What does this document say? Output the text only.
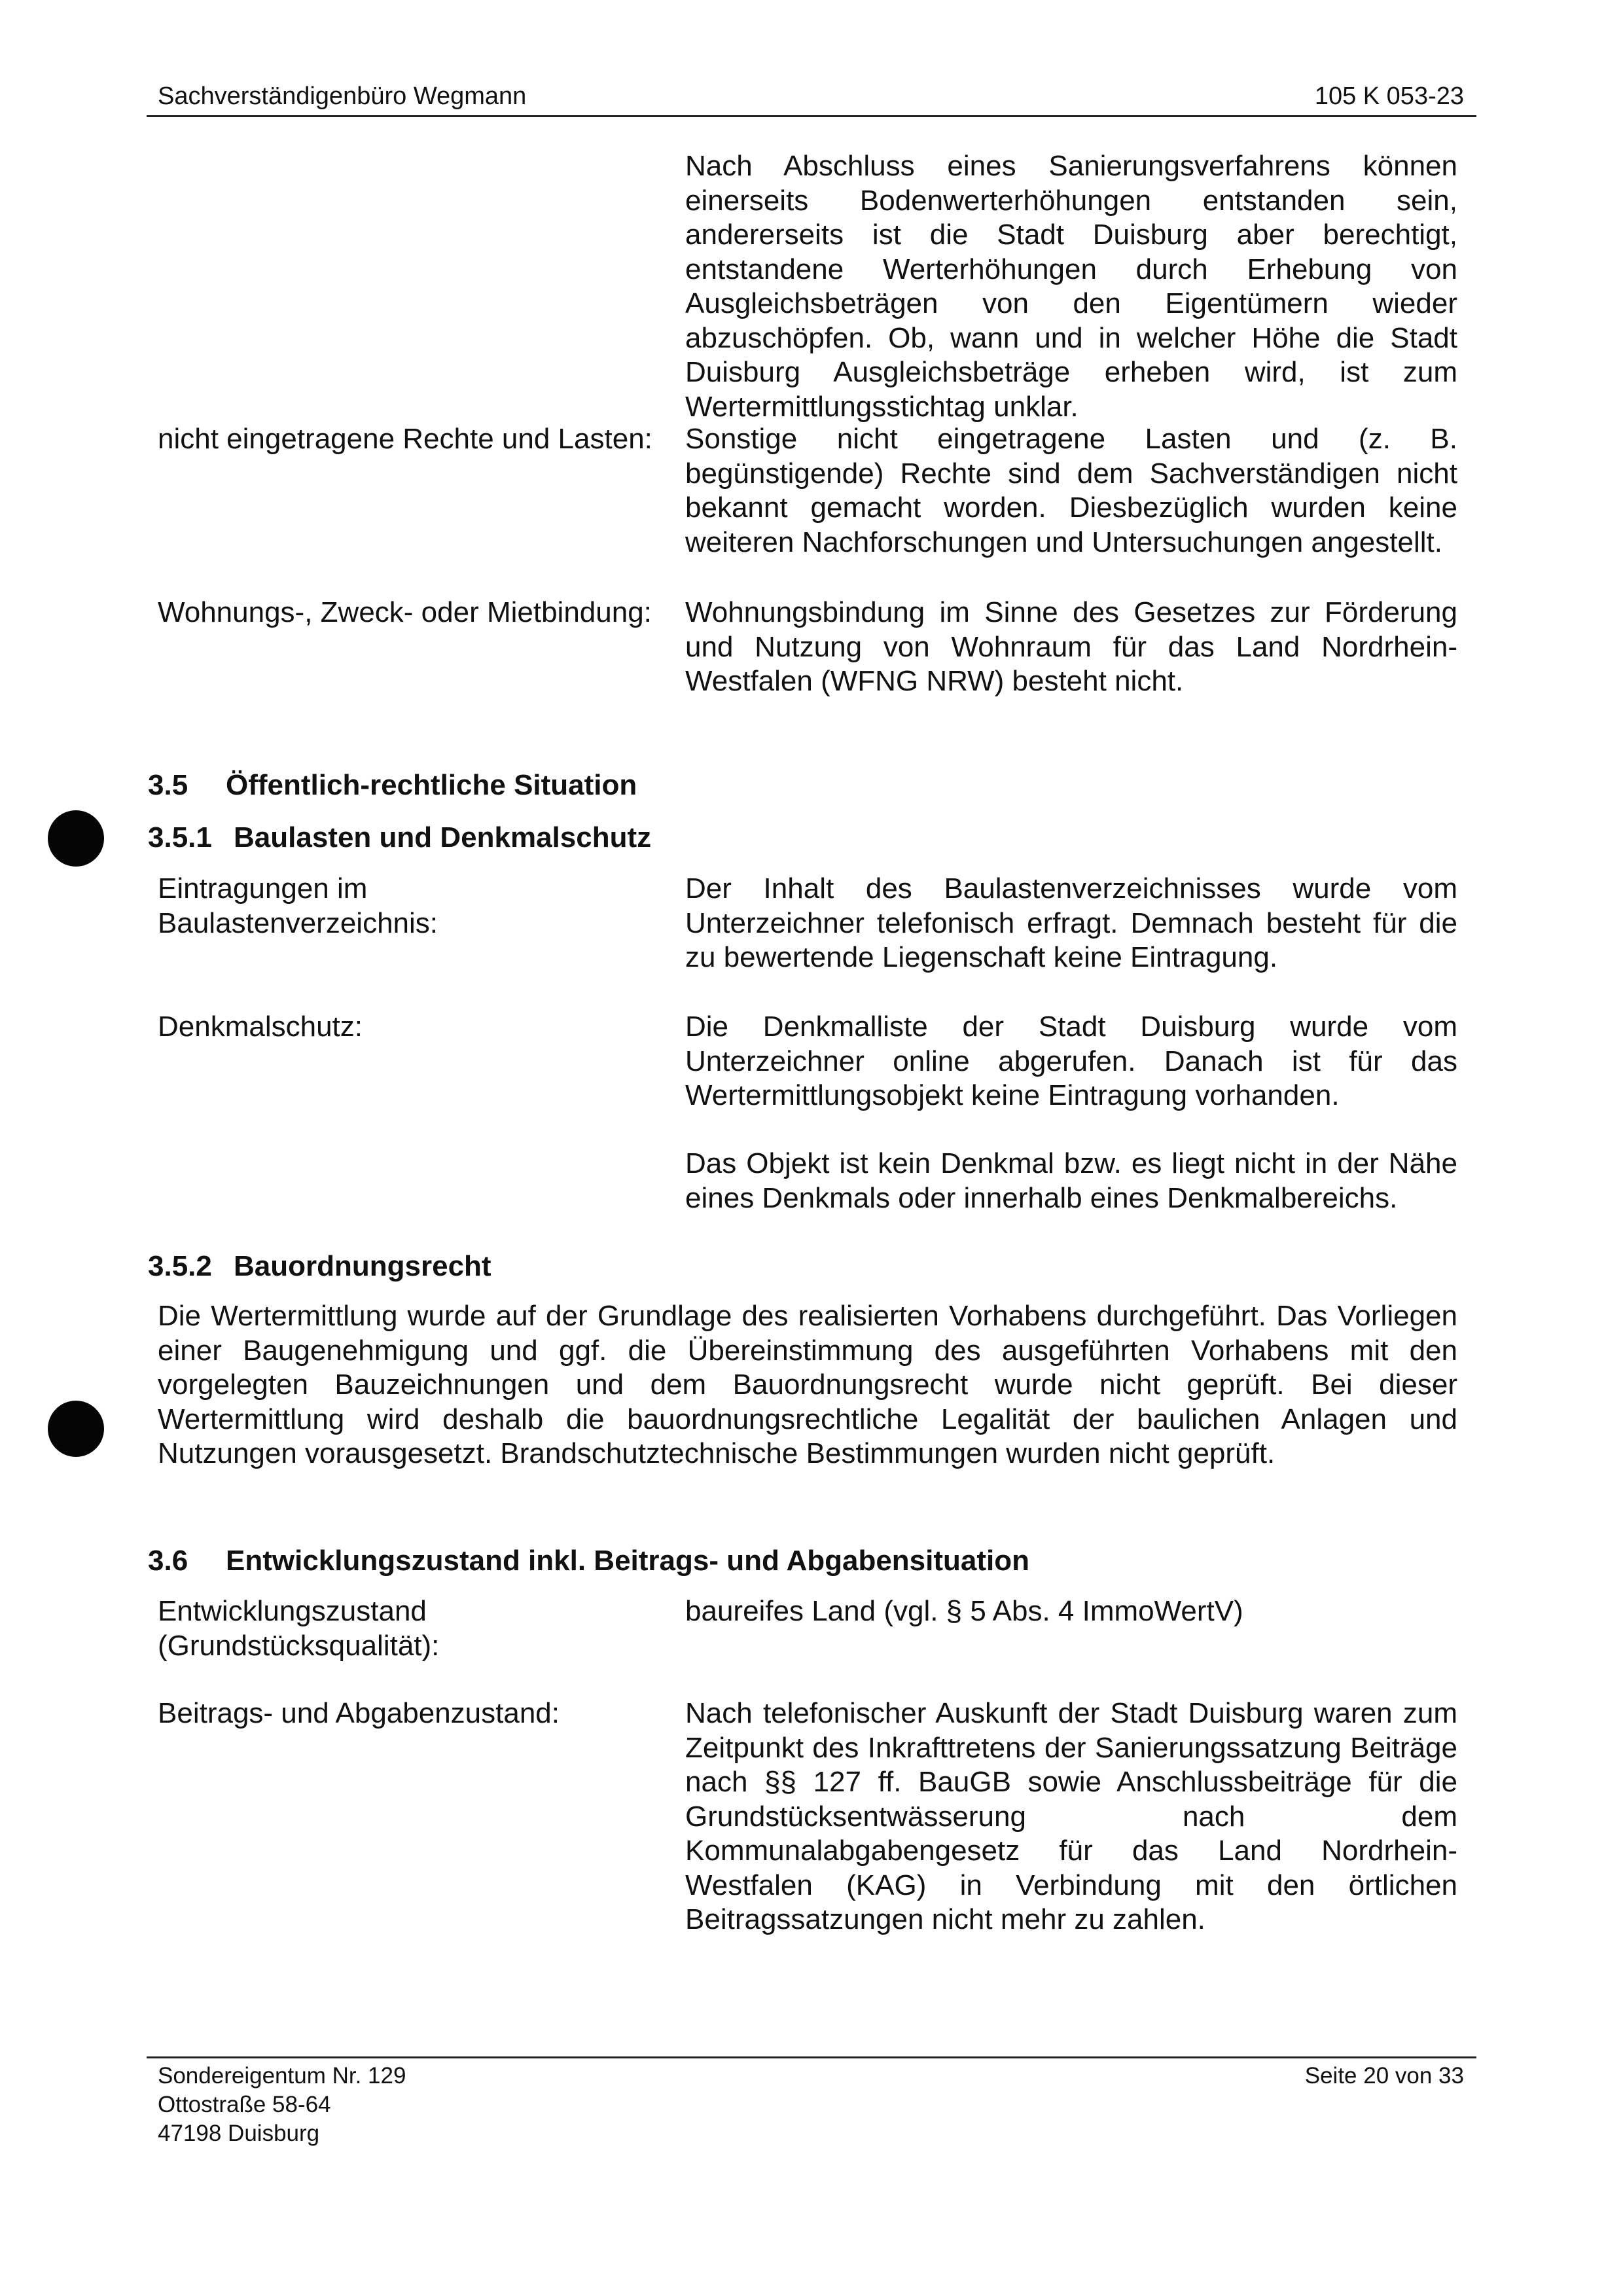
Sachverständigenbüro Wegmann	105 K 053-23
Nach Abschluss eines Sanierungsverfahrens können einerseits Bodenwerterhöhungen entstanden sein, andererseits ist die Stadt Duisburg aber berechtigt, entstandene Werterhöhungen durch Erhebung von Ausgleichsbeträgen von den Eigentümern wieder abzuschöpfen. Ob, wann und in welcher Höhe die Stadt Duisburg Ausgleichsbeträge erheben wird, ist zum Wertermittlungsstichtag unklar.
nicht eingetragene Rechte und Lasten: Sonstige nicht eingetragene Lasten und (z. B. begünstigende) Rechte sind dem Sachverständigen nicht bekannt gemacht worden. Diesbezüglich wurden keine weiteren Nachforschungen und Untersuchungen angestellt.
Wohnungs-, Zweck- oder Mietbindung: Wohnungsbindung im Sinne des Gesetzes zur Förderung und Nutzung von Wohnraum für das Land Nordrhein-Westfalen (WFNG NRW) besteht nicht.
3.5 Öffentlich-rechtliche Situation
3.5.1 Baulasten und Denkmalschutz
Eintragungen im Baulastenverzeichnis:
Der Inhalt des Baulastenverzeichnisses wurde vom Unterzeichner telefonisch erfragt. Demnach besteht für die zu bewertende Liegenschaft keine Eintragung.
Denkmalschutz:	Die Denkmalliste der Stadt Duisburg wurde vom Unterzeichner online abgerufen. Danach ist für das Wertermittlungsobjekt keine Eintragung vorhanden.
Das Objekt ist kein Denkmal bzw. es liegt nicht in der Nähe eines Denkmals oder innerhalb eines Denkmalbereichs.
3.5.2 Bauordnungsrecht
Die Wertermittlung wurde auf der Grundlage des realisierten Vorhabens durchgeführt. Das Vorliegen einer Baugenehmigung und ggf. die Übereinstimmung des ausgeführten Vorhabens mit den vorgelegten Bauzeichnungen und dem Bauordnungsrecht wurde nicht geprüft. Bei dieser Wertermittlung wird deshalb die bauordnungsrechtliche Legalität der baulichen Anlagen und Nutzungen vorausgesetzt. Brandschutztechnische Bestimmungen wurden nicht geprüft.
3.6 Entwicklungszustand inkl. Beitrags- und Abgabensituation
Entwicklungszustand (Grundstücksqualität):
baureifes Land (vgl. § 5 Abs. 4 ImmoWertV)
Beitrags- und Abgabenzustand:	Nach telefonischer Auskunft der Stadt Duisburg waren zum Zeitpunkt des Inkrafttretens der Sanierungssatzung Beiträge nach §§ 127 ff. BauGB sowie Anschlussbeiträge für die Grundstücksentwässerung nach dem Kommunalabgabengesetz für das Land Nordrhein-Westfalen (KAG) in Verbindung mit den örtlichen Beitragssatzungen nicht mehr zu zahlen.
Sondereigentum Nr. 129
Ottostraße 58-64
47198 Duisburg
Seite 20 von 33
